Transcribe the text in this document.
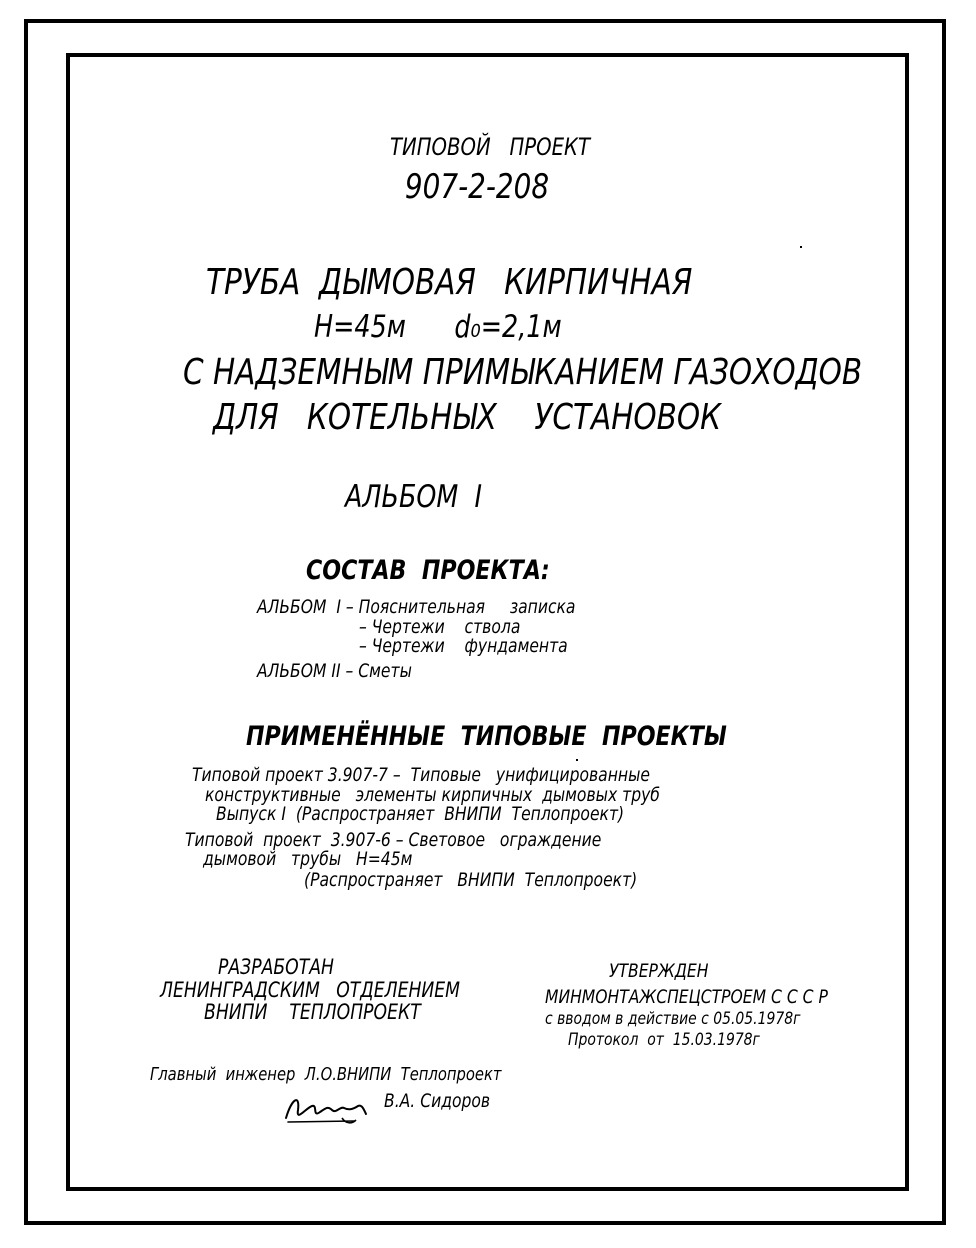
ТИПОВОЙ   ПРОЕКТ
907-2-208
ТРУБА  ДЫМОВАЯ   КИРПИЧНАЯ
Н=45м      d₀=2,1м
С НАДЗЕМНЫМ ПРИМЫКАНИЕМ ГАЗОХОДОВ
ДЛЯ   КОТЕЛЬНЫХ    УСТАНОВОК
АЛЬБОМ  I
СОСТАВ  ПРОЕКТА:
АЛЬБОМ  I – Пояснительная     записка
– Чертежи    ствола
– Чертежи    фундамента
АЛЬБОМ II – Сметы
ПРИМЕНЁННЫЕ  ТИПОВЫЕ  ПРОЕКТЫ
Типовой проект 3.907-7 –  Типовые   унифицированные
конструктивные   элементы кирпичных  дымовых труб
Выпуск I  (Распространяет  ВНИПИ  Теплопроект)
Типовой  проект  3.907-6 – Световое   ограждение
дымовой   трубы   Н=45м
(Распространяет   ВНИПИ  Теплопроект)
РАЗРАБОТАН
ЛЕНИНГРАДСКИМ   ОТДЕЛЕНИЕМ
ВНИПИ    ТЕПЛОПРОЕКТ
УТВЕРЖДЕН
МИНМОНТАЖСПЕЦСТРОЕМ С С С Р
с вводом в действие с 05.05.1978г
Протокол  от  15.03.1978г
Главный  инженер  Л.О.ВНИПИ  Теплопроект
В.А. Сидоров
